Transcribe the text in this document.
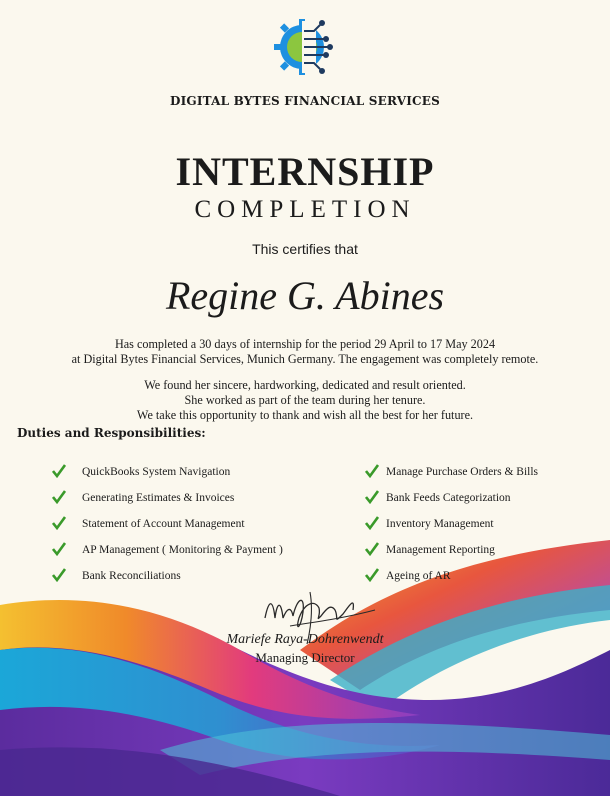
DIGITAL BYTES FINANCIAL SERVICES
INTERNSHIP
COMPLETION
This certifies that
Regine G. Abines
Has completed a 30 days of internship for the period 29 April to 17 May 2024
at Digital Bytes Financial Services, Munich Germany. The engagement was completely remote.
We found her sincere, hardworking, dedicated and result oriented.
She worked as part of the team during her tenure.
We take this opportunity to thank and wish all the best for her future.
Duties and Responsibilities:
QuickBooks System Navigation
Generating Estimates & Invoices
Statement of Account Management
AP Management ( Monitoring & Payment )
Bank Reconciliations
Manage Purchase Orders & Bills
Bank Feeds Categorization
Inventory Management
Management Reporting
Ageing of AR
Mariefe Raya-Dohrenwendt
Managing Director
